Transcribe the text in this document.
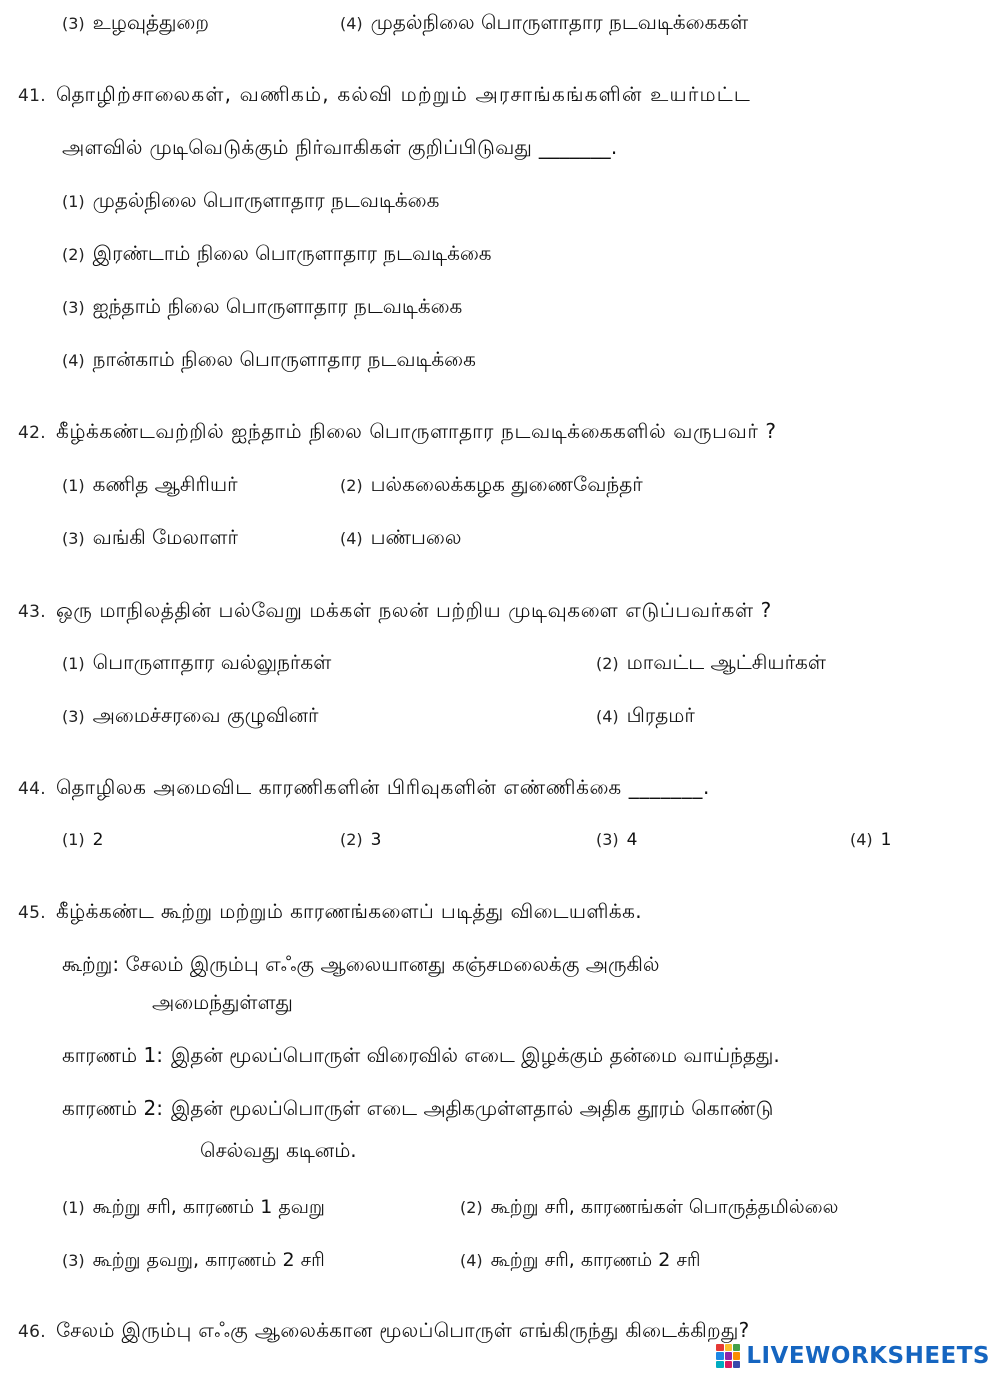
(3) உழவுத்துறை	(4) முதல்நிலை பொருளாதார நடவடிக்கைகள்
41. தொழிற்சாலைகள், வணிகம், கல்வி மற்றும் அரசாங்கங்களின் உயர்மட்ட
அளவில் முடிவெடுக்கும் நிர்வாகிகள் குறிப்பிடுவது _______.
(1) முதல்நிலை பொருளாதார நடவடிக்கை
(2) இரண்டாம் நிலை பொருளாதார நடவடிக்கை
(3) ஐந்தாம் நிலை பொருளாதார நடவடிக்கை
(4) நான்காம் நிலை பொருளாதார நடவடிக்கை
42. கீழ்க்கண்டவற்றில் ஐந்தாம் நிலை பொருளாதார நடவடிக்கைகளில் வருபவர் ?
(1) கணித ஆசிரியர்	(2) பல்கலைக்கழக துணைவேந்தர்
(3) வங்கி மேலாளர்	(4) பண்பலை
43. ஒரு மாநிலத்தின் பல்வேறு மக்கள் நலன் பற்றிய முடிவுகளை எடுப்பவர்கள் ?
(1) பொருளாதார வல்லுநர்கள்	(2) மாவட்ட ஆட்சியர்கள்
(3) அமைச்சரவை குழுவினர்	(4) பிரதமர்
44. தொழிலக அமைவிட காரணிகளின் பிரிவுகளின் எண்ணிக்கை _______.
(1) 2	(2) 3	(3) 4	(4) 1
45. கீழ்க்கண்ட கூற்று மற்றும் காரணங்களைப் படித்து விடையளிக்க.
கூற்று: சேலம் இரும்பு எஃகு ஆலையானது கஞ்சமலைக்கு அருகில்
அமைந்துள்ளது
காரணம் 1: இதன் மூலப்பொருள் விரைவில் எடை இழக்கும் தன்மை வாய்ந்தது.
காரணம் 2: இதன் மூலப்பொருள் எடை அதிகமுள்ளதால் அதிக தூரம் கொண்டு
செல்வது கடினம்.
(1) கூற்று சரி, காரணம் 1 தவறு	(2) கூற்று சரி, காரணங்கள் பொருத்தமில்லை
(3) கூற்று தவறு, காரணம் 2 சரி	(4) கூற்று சரி, காரணம் 2 சரி
46. சேலம் இரும்பு எஃகு ஆலைக்கான மூலப்பொருள் எங்கிருந்து கிடைக்கிறது?
LIVEWORKSHEETS
